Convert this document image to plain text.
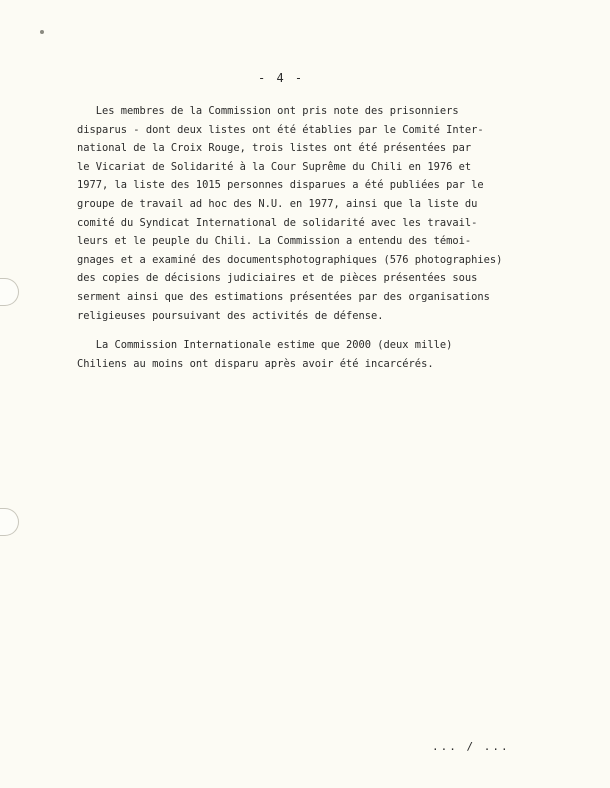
- 4 -
Les membres de la Commission ont pris note des prisonniers
disparus - dont deux listes ont été établies par le Comité Inter-
national de la Croix Rouge, trois listes ont été présentées par
le Vicariat de Solidarité à la Cour Suprême du Chili en 1976 et
1977, la liste des 1015 personnes disparues a été publiées par le
groupe de travail ad hoc des N.U. en 1977, ainsi que la liste du
comité du Syndicat International de solidarité avec les travail-
leurs et le peuple du Chili. La Commission a entendu des témoi-
gnages et a examiné des documentsphotographiques (576 photographies)
des copies de décisions judiciaires et de pièces présentées sous
serment ainsi que des estimations présentées par des organisations
religieuses poursuivant des activités de défense.
La Commission Internationale estime que 2000 (deux mille)
Chiliens au moins ont disparu après avoir été incarcérés.
... / ...
